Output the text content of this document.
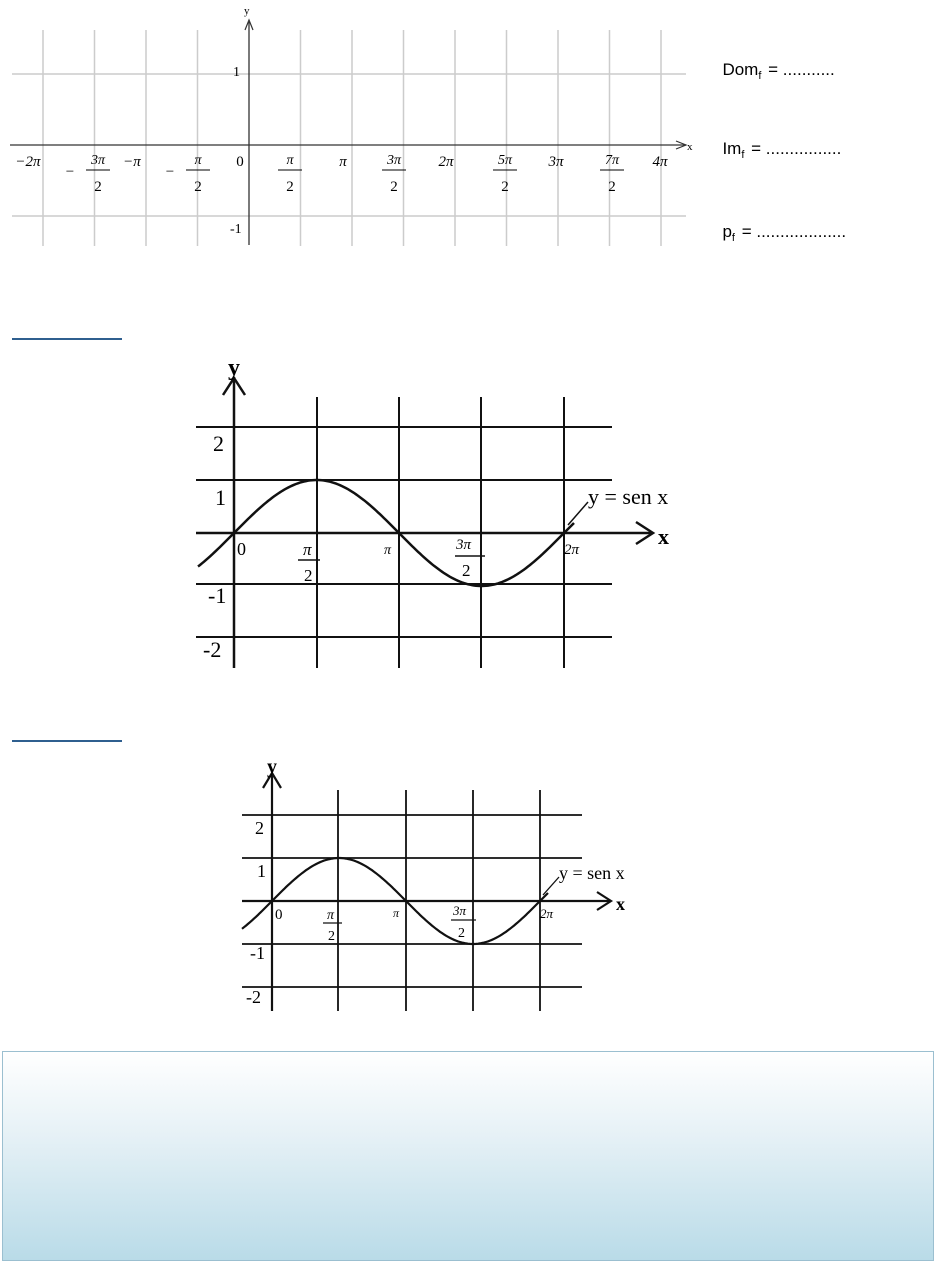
x
y
1
-1
−2π
−
3π
2
−π
−
π
2
0	π
2
π	3π
2
2π	5π
2
3π	7π
2
4π

Dom$_f$ = ...........

$Im_f$ = ................

$p_f$ = ...................

x
y
2
1
-1
-2
0	π
2
π	3π
2
2π
y = sen x
x
y
2
1
-1
-2
0	π
2
π	3π
2
2π
y = sen x
